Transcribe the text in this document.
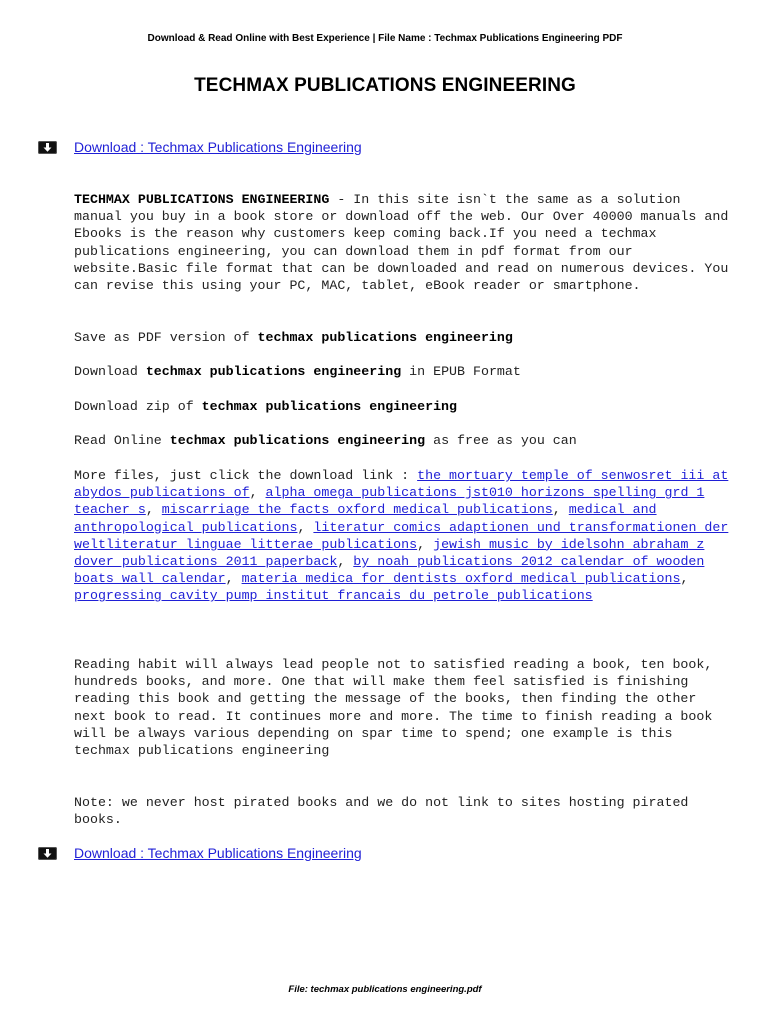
Download & Read Online with Best Experience | File Name : Techmax Publications Engineering PDF
TECHMAX PUBLICATIONS ENGINEERING
Download : Techmax Publications Engineering
TECHMAX PUBLICATIONS ENGINEERING - In this site isn`t the same as a solution manual you buy in a book store or download off the web. Our Over 40000 manuals and Ebooks is the reason why customers keep coming back.If you need a techmax publications engineering, you can download them in pdf format from our website.Basic file format that can be downloaded and read on numerous devices. You can revise this using your PC, MAC, tablet, eBook reader or smartphone.
Save as PDF version of techmax publications engineering
Download techmax publications engineering in EPUB Format
Download zip of techmax publications engineering
Read Online techmax publications engineering as free as you can
More files, just click the download link : the mortuary temple of senwosret iii at abydos publications of, alpha omega publications jst010 horizons spelling grd 1 teacher s, miscarriage the facts oxford medical publications, medical and anthropological publications, literatur comics adaptionen und transformationen der weltliteratur linguae litterae publications, jewish music by idelsohn abraham z dover publications 2011 paperback, by noah publications 2012 calendar of wooden boats wall calendar, materia medica for dentists oxford medical publications, progressing cavity pump institut francais du petrole publications
Reading habit will always lead people not to satisfied reading a book, ten book, hundreds books, and more. One that will make them feel satisfied is finishing reading this book and getting the message of the books, then finding the other next book to read. It continues more and more. The time to finish reading a book will be always various depending on spar time to spend; one example is this techmax publications engineering
Note: we never host pirated books and we do not link to sites hosting pirated books.
Download : Techmax Publications Engineering
File: techmax publications engineering.pdf
